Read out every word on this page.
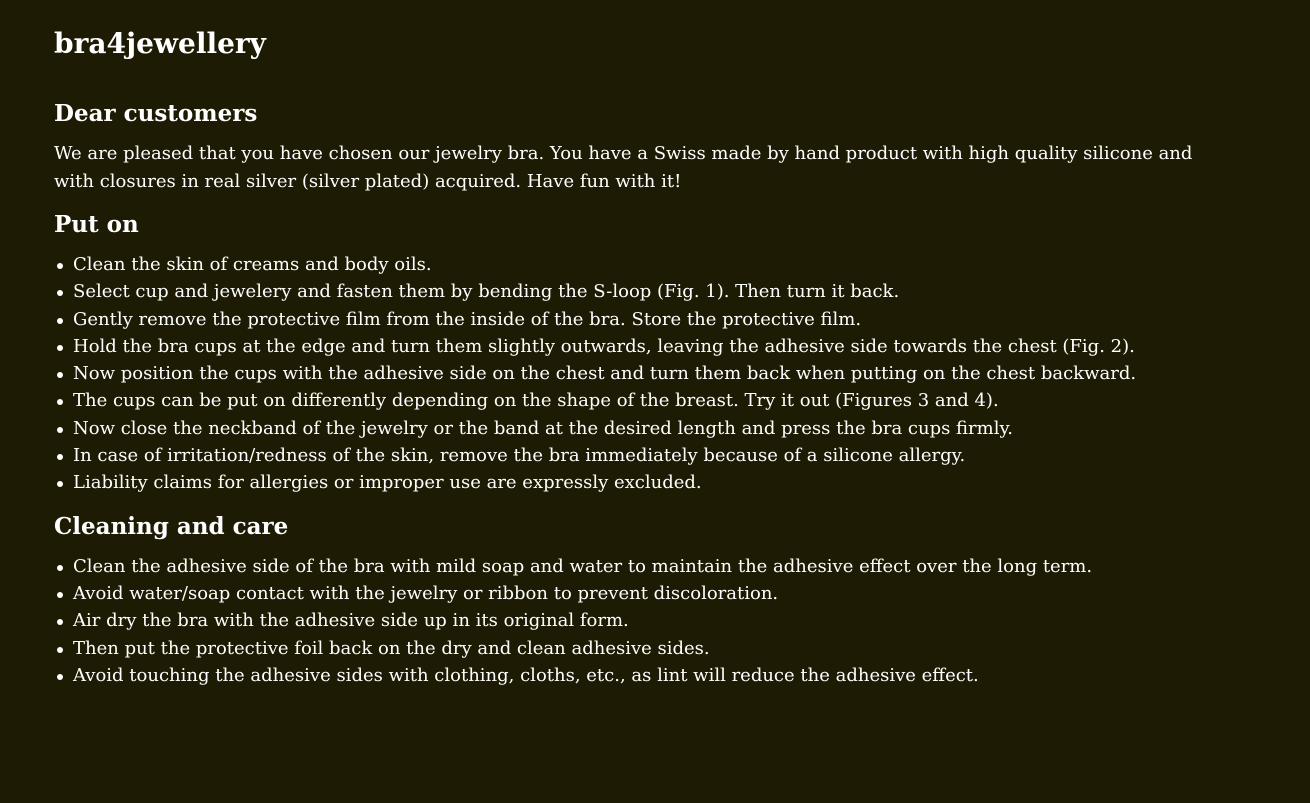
bra4jewellery
Dear customers

We are pleased that you have chosen our jewelry bra. You have a Swiss made by hand product with high quality silicone and with closures in real silver (silver plated) acquired. Have fun with it!

Put on
Clean the skin of creams and body oils.
Select cup and jewelery and fasten them by bending the S-loop (Fig. 1). Then turn it back.
Gently remove the protective film from the inside of the bra. Store the protective film.
Hold the bra cups at the edge and turn them slightly outwards, leaving the adhesive side towards the chest (Fig. 2).
Now position the cups with the adhesive side on the chest and turn them back when putting on the chest backward.
The cups can be put on differently depending on the shape of the breast. Try it out (Figures 3 and 4).
Now close the neckband of the jewelry or the band at the desired length and press the bra cups firmly.
In case of irritation/redness of the skin, remove the bra immediately because of a silicone allergy.
Liability claims for allergies or improper use are expressly excluded.
Cleaning and care
Clean the adhesive side of the bra with mild soap and water to maintain the adhesive effect over the long term.
Avoid water/soap contact with the jewelry or ribbon to prevent discoloration.
Air dry the bra with the adhesive side up in its original form.
Then put the protective foil back on the dry and clean adhesive sides.
Avoid touching the adhesive sides with clothing, cloths, etc., as lint will reduce the adhesive effect.
